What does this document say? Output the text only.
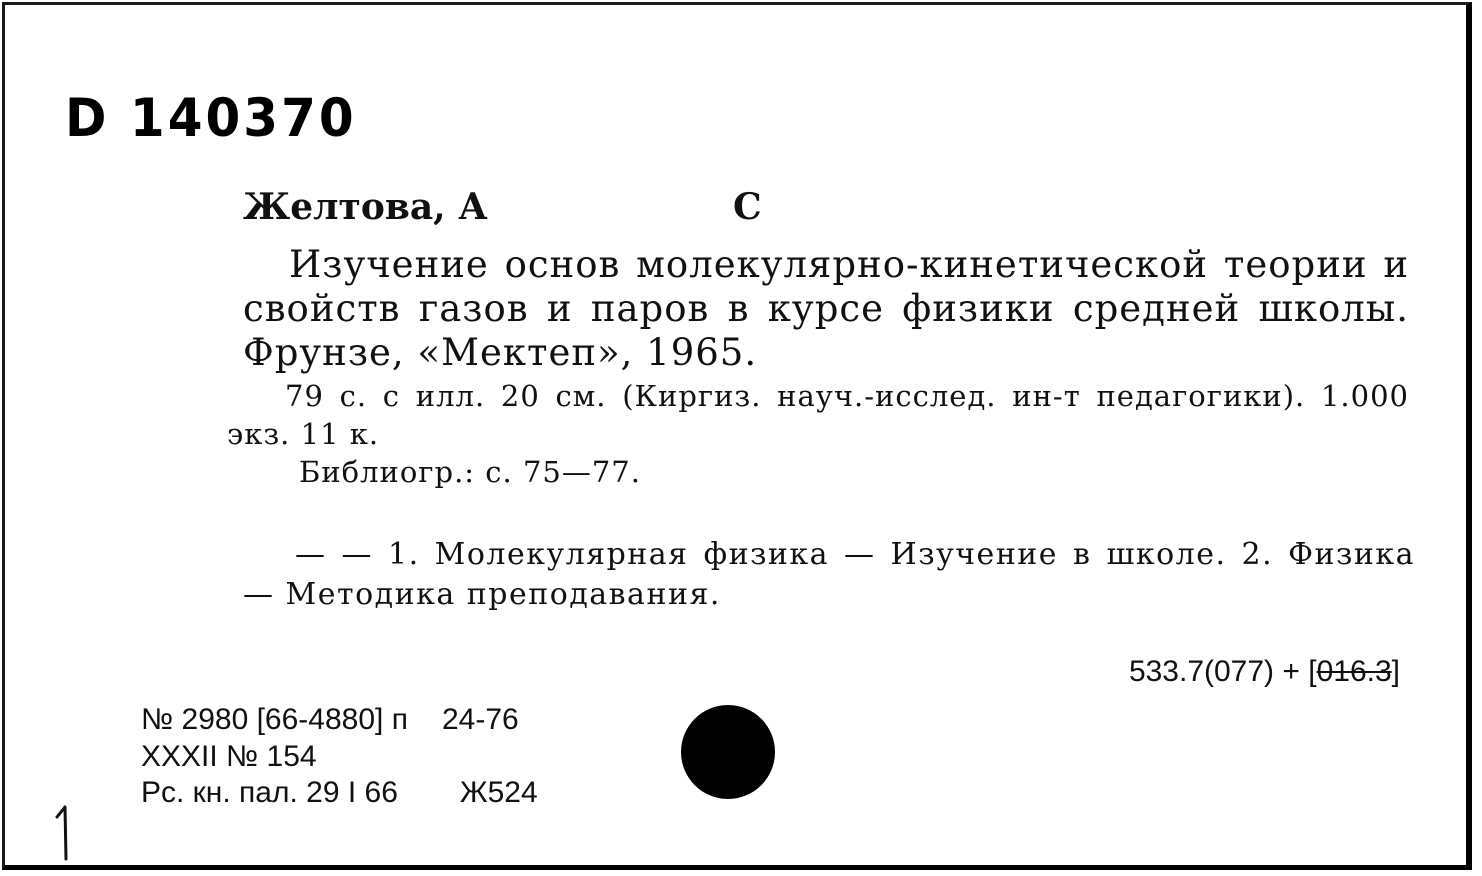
D 140370
Желтова, А	С
Изучение основ молекулярно-кинетической теории и свойств газов и паров в курсе физики средней школы. Фрунзе, «Мектеп», 1965.
79 с. с илл. 20 см. (Киргиз. науч.-исслед. ин-т педагогики). 1.000 экз. 11 к.
Библиогр.: с. 75—77.
— — 1. Молекулярная физика — Изучение в школе. 2. Физика — Методика преподавания.
533.7(077) + [016.3]
№ 2980 [66-4880] п 24-76
XXXII № 154
Рс. кн. пал. 29 I 66 Ж524
